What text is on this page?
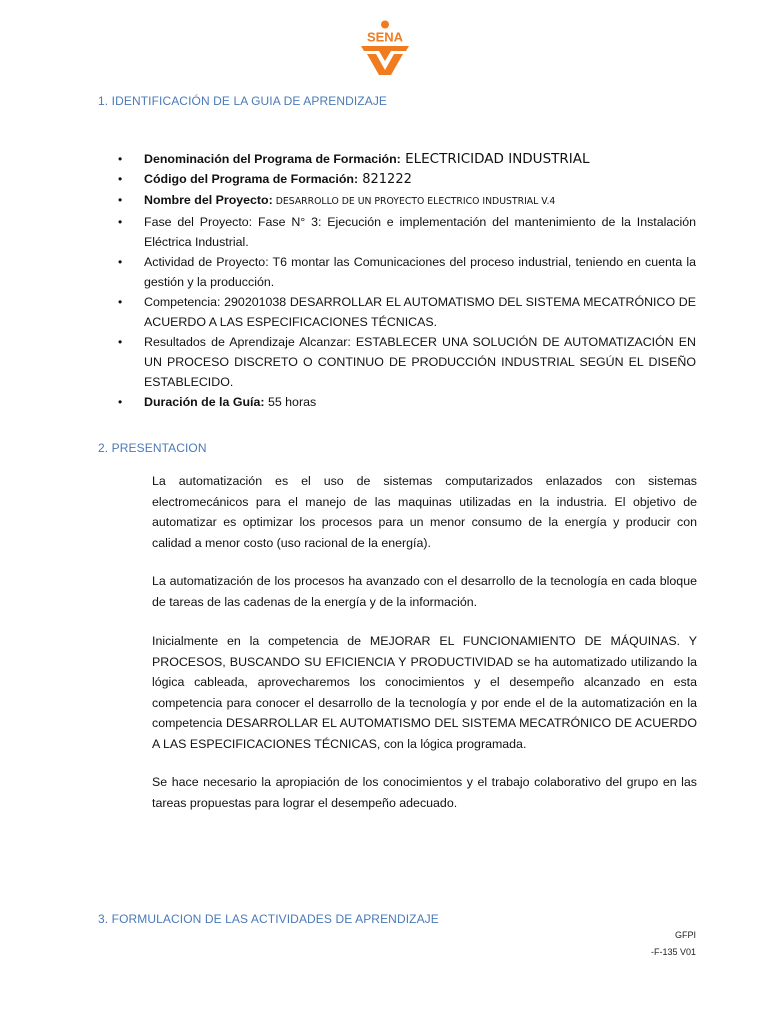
SENA
1. IDENTIFICACIÓN DE LA GUIA DE APRENDIZAJE
• Denominación del Programa de Formación: ELECTRICIDAD INDUSTRIAL
• Código del Programa de Formación: 821222
• Nombre del Proyecto: DESARROLLO DE UN PROYECTO ELECTRICO INDUSTRIAL V.4
• Fase del Proyecto: Fase N° 3: Ejecución e implementación del mantenimiento de la Instalación Eléctrica Industrial.
• Actividad de Proyecto: T6 montar las Comunicaciones del proceso industrial, teniendo en cuenta la gestión y la producción.
• Competencia: 290201038 DESARROLLAR EL AUTOMATISMO DEL SISTEMA MECATRÓNICO DE ACUERDO A LAS ESPECIFICACIONES TÉCNICAS.
• Resultados de Aprendizaje Alcanzar: ESTABLECER UNA SOLUCIÓN DE AUTOMATIZACIÓN EN UN PROCESO DISCRETO O CONTINUO DE PRODUCCIÓN INDUSTRIAL SEGÚN EL DISEÑO ESTABLECIDO.
• Duración de la Guía: 55 horas
2. PRESENTACION

La automatización es el uso de sistemas computarizados enlazados con sistemas electromecánicos para el manejo de las maquinas utilizadas en la industria. El objetivo de automatizar es optimizar los procesos para un menor consumo de la energía y producir con calidad a menor costo (uso racional de la energía).

La automatización de los procesos ha avanzado con el desarrollo de la tecnología en cada bloque de tareas de las cadenas de la energía y de la información.

Inicialmente en la competencia de MEJORAR EL FUNCIONAMIENTO DE MÁQUINAS. Y PROCESOS, BUSCANDO SU EFICIENCIA Y PRODUCTIVIDAD se ha automatizado utilizando la lógica cableada, aprovecharemos los conocimientos y el desempeño alcanzado en esta competencia para conocer el desarrollo de la tecnología y por ende el de la automatización en la competencia DESARROLLAR EL AUTOMATISMO DEL SISTEMA MECATRÓNICO DE ACUERDO A LAS ESPECIFICACIONES TÉCNICAS, con la lógica programada.

Se hace necesario la apropiación de los conocimientos y el trabajo colaborativo del grupo en las tareas propuestas para lograr el desempeño adecuado.

3. FORMULACION DE LAS ACTIVIDADES DE APRENDIZAJE
GFPI
-F-135 V01
